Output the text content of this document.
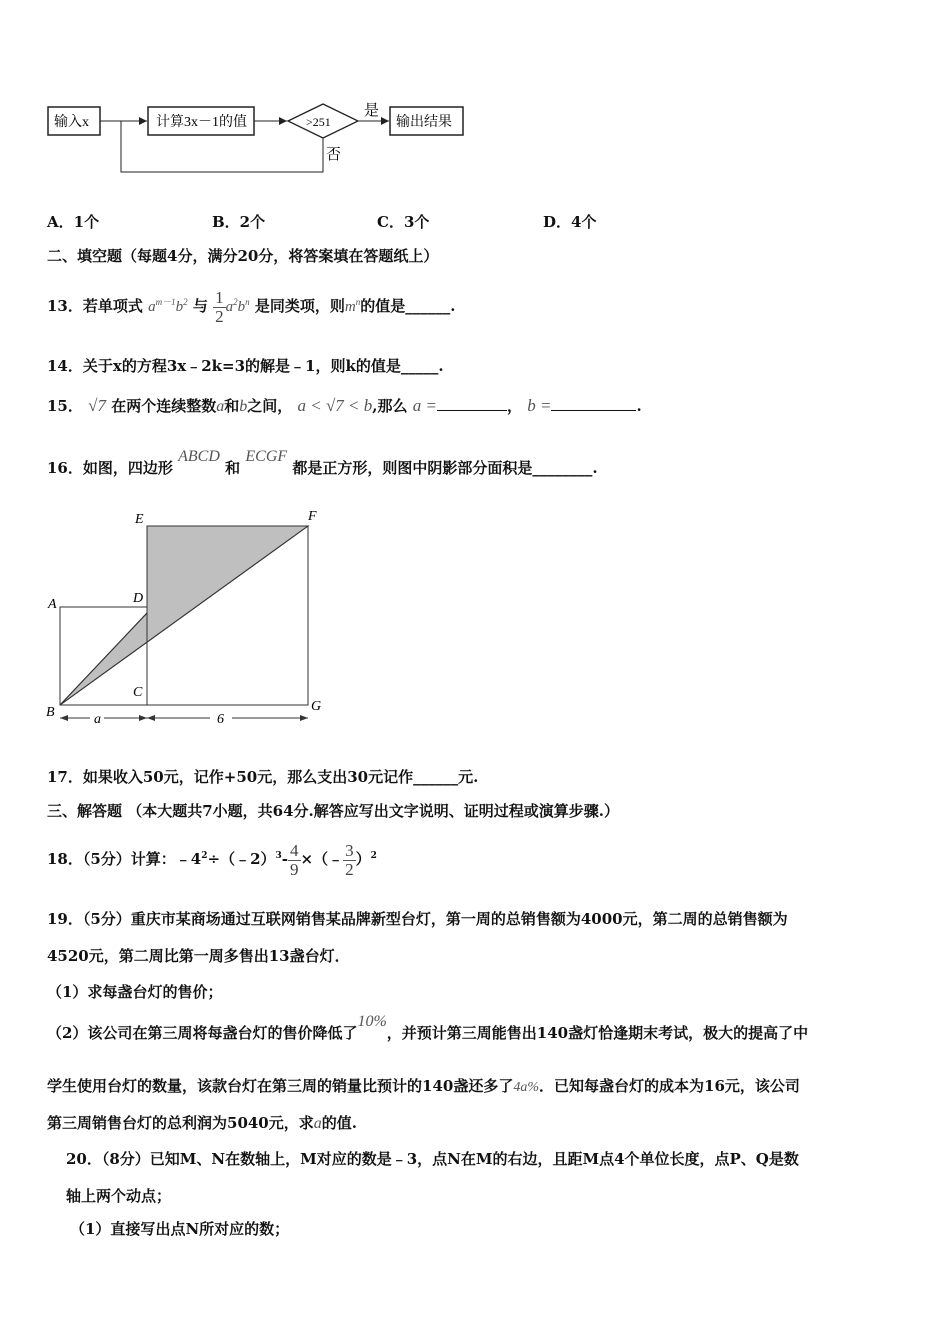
输入x	计算3x－1的值	>251
是
输出结果
否
A．1个	B．2个	C．3个	D．4个
二、填空题（每题4分，满分20分，将答案填在答题纸上）
13．若单项式 $a^{m-1}b^2$ 与 $\frac{1}{2} a^2b^n$ 是同类项，则$m^n$的值是______.
14．关于x的方程3x﹣2k=3的解是﹣1，则k的值是_____.
15． √7 在两个连续整数a和b之间， a < √7 < b,那么 a =	， b =	.
16．如图，四边形 ABCD 和 ECGF 都是正方形，则图中阴影部分面积是________.
E	F
A	D
C
B	G
a	6
17．如果收入50元，记作+50元，那么支出30元记作______元.
三、解答题 （本大题共7小题，共64分.解答应写出文字说明、证明过程或演算步骤.）
18．（5分）计算：$﹣4^2\div(﹣2)^3- \frac{4}{9}$ ×（﹣ $\frac{3}{2} )^2$
19．（5分）重庆市某商场通过互联网销售某品牌新型台灯，第一周的总销售额为4000元，第二周的总销售额为
4520元，第二周比第一周多售出13盏台灯．
（1）求每盏台灯的售价；
（2）该公司在第三周将每盏台灯的售价降低了10%，并预计第三周能售出140盏灯恰逢期末考试，极大的提高了中
学生使用台灯的数量，该款台灯在第三周的销量比预计的140盏还多了4a%．已知每盏台灯的成本为16元，该公司
第三周销售台灯的总利润为5040元，求a的值.
20．（8分）已知M、N在数轴上，M对应的数是﹣3，点N在M的右边，且距M点4个单位长度，点P、Q是数
轴上两个动点；
（1）直接写出点N所对应的数；
